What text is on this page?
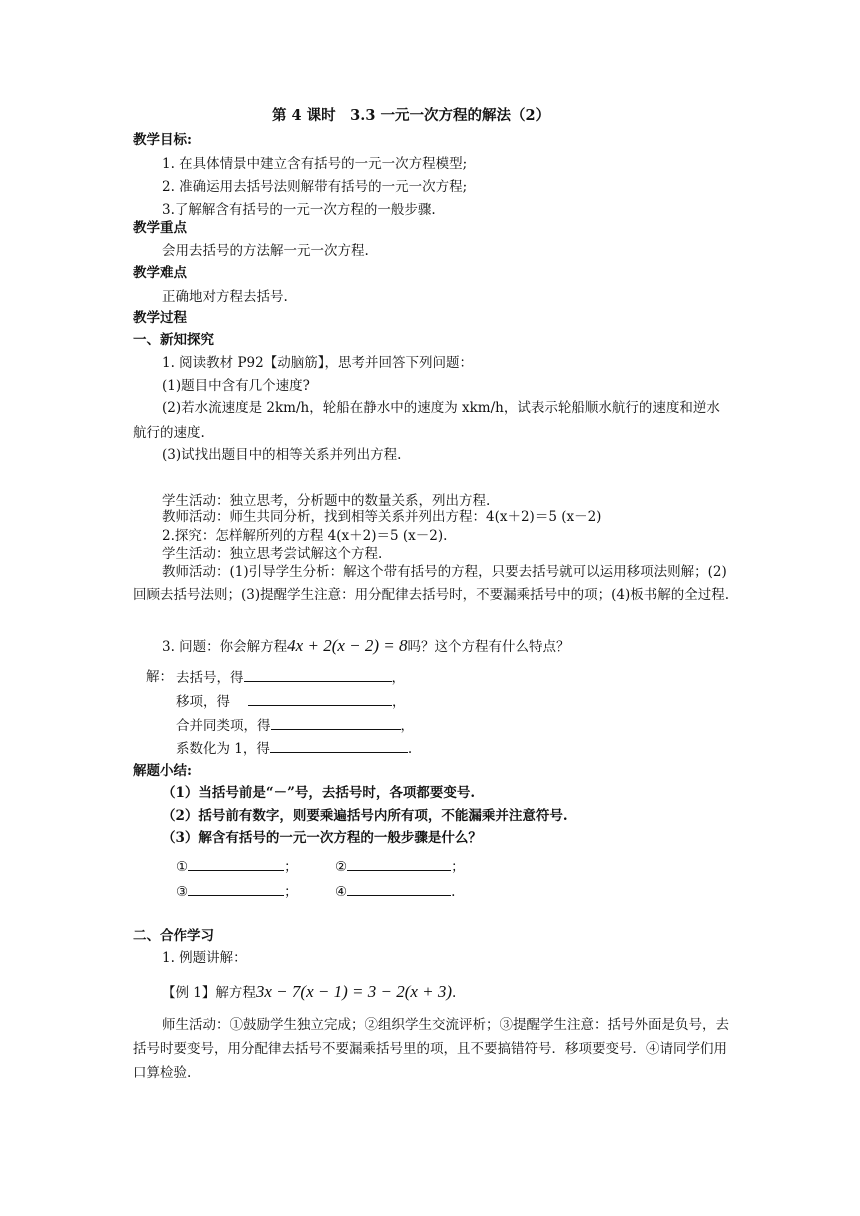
第 4 课时　3.3 一元一次方程的解法（2）
教学目标:
1. 在具体情景中建立含有括号的一元一次方程模型;
2. 准确运用去括号法则解带有括号的一元一次方程;
3.了解解含有括号的一元一次方程的一般步骤.
教学重点
会用去括号的方法解一元一次方程.
教学难点
正确地对方程去括号.
教学过程
一、新知探究
1. 阅读教材 P92【动脑筋】，思考并回答下列问题：
(1)题目中含有几个速度?
(2)若水流速度是 2km/h，轮船在静水中的速度为 xkm/h，试表示轮船顺水航行的速度和逆水航行的速度.
(3)试找出题目中的相等关系并列出方程.
学生活动：独立思考，分析题中的数量关系，列出方程.
教师活动：师生共同分析，找到相等关系并列出方程：4(x＋2)＝5 (x－2)
2.探究：怎样解所列的方程 4(x＋2)＝5 (x－2).
学生活动：独立思考尝试解这个方程.
教师活动：(1)引导学生分析：解这个带有括号的方程，只要去括号就可以运用移项法则解；(2)回顾去括号法则；(3)提醒学生注意：用分配律去括号时，不要漏乘括号中的项；(4)板书解的全过程.
3. 问题：你会解方程4x + 2(x − 2) = 8吗？这个方程有什么特点？
解： 去括号，得	，
移项，得	，
合并同类项，得	，
系数化为 1，得	.
解题小结:
（1）当括号前是“－”号，去括号时，各项都要变号.
（2）括号前有数字，则要乘遍括号内所有项，不能漏乘并注意符号.
（3）解含有括号的一元一次方程的一般步骤是什么？
①	；	②	；
③	；	④	.
二、合作学习
1. 例题讲解：
【例 1】解方程3x − 7(x − 1) = 3 − 2(x + 3).
师生活动：①鼓励学生独立完成；②组织学生交流评析；③提醒学生注意：括号外面是负号，去括号时要变号，用分配律去括号不要漏乘括号里的项，且不要搞错符号．移项要变号．④请同学们用口算检验.
